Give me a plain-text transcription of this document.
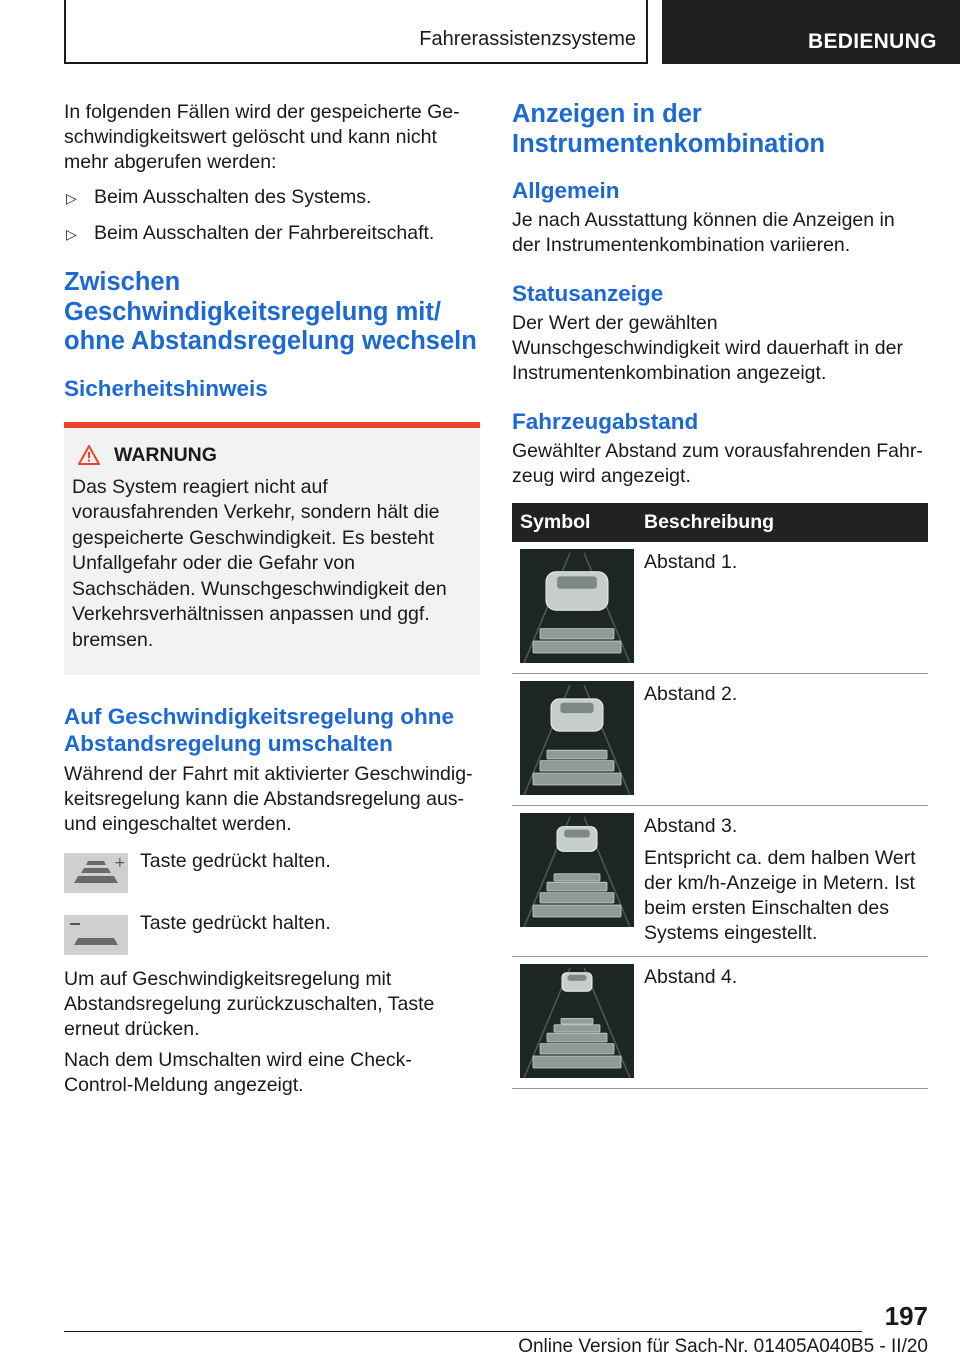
Fahrerassistenzsysteme	BEDIENUNG

In folgenden Fällen wird der gespeicherte Geschwindigkeitswert gelöscht und kann nicht mehr abgerufen werden:

▷ Beim Ausschalten des Systems.
▷ Beim Ausschalten der Fahrbereitschaft.
Zwischen Geschwindigkeitsregelung mit/ ohne Abstandsregelung wechseln
Sicherheitshinweis
WARNUNG

Das System reagiert nicht auf vorausfahrenden Verkehr, sondern hält die gespeicherte Geschwindigkeit. Es besteht Unfallgefahr oder die Gefahr von Sachschäden. Wunschgeschwindigkeit den Verkehrsverhältnissen anpassen und ggf. bremsen.

Auf Geschwindigkeitsregelung ohne Abstandsregelung umschalten

Während der Fahrt mit aktivierter Geschwindigkeitsregelung kann die Abstandsregelung aus- und eingeschaltet werden.

+ Taste gedrückt halten.

Taste gedrückt halten.

Um auf Geschwindigkeitsregelung mit Abstandsregelung zurückzuschalten, Taste erneut drücken.

Nach dem Umschalten wird eine Check-Control-Meldung angezeigt.

Anzeigen in der Instrumentenkombination
Allgemein

Je nach Ausstattung können die Anzeigen in der Instrumentenkombination variieren.

Statusanzeige

Der Wert der gewählten Wunschgeschwindigkeit wird dauerhaft in der Instrumentenkombination angezeigt.

Fahrzeugabstand

Gewählter Abstand zum vorausfahrenden Fahrzeug wird angezeigt.

Symbol	Beschreibung

Abstand 1.

Abstand 2.

Abstand 3.
Entspricht ca. dem halben Wert der km/h-Anzeige in Metern. Ist beim ersten Einschalten des Systems eingestellt.

Abstand 4.
197
Online Version für Sach-Nr. 01405A040B5 - II/20
